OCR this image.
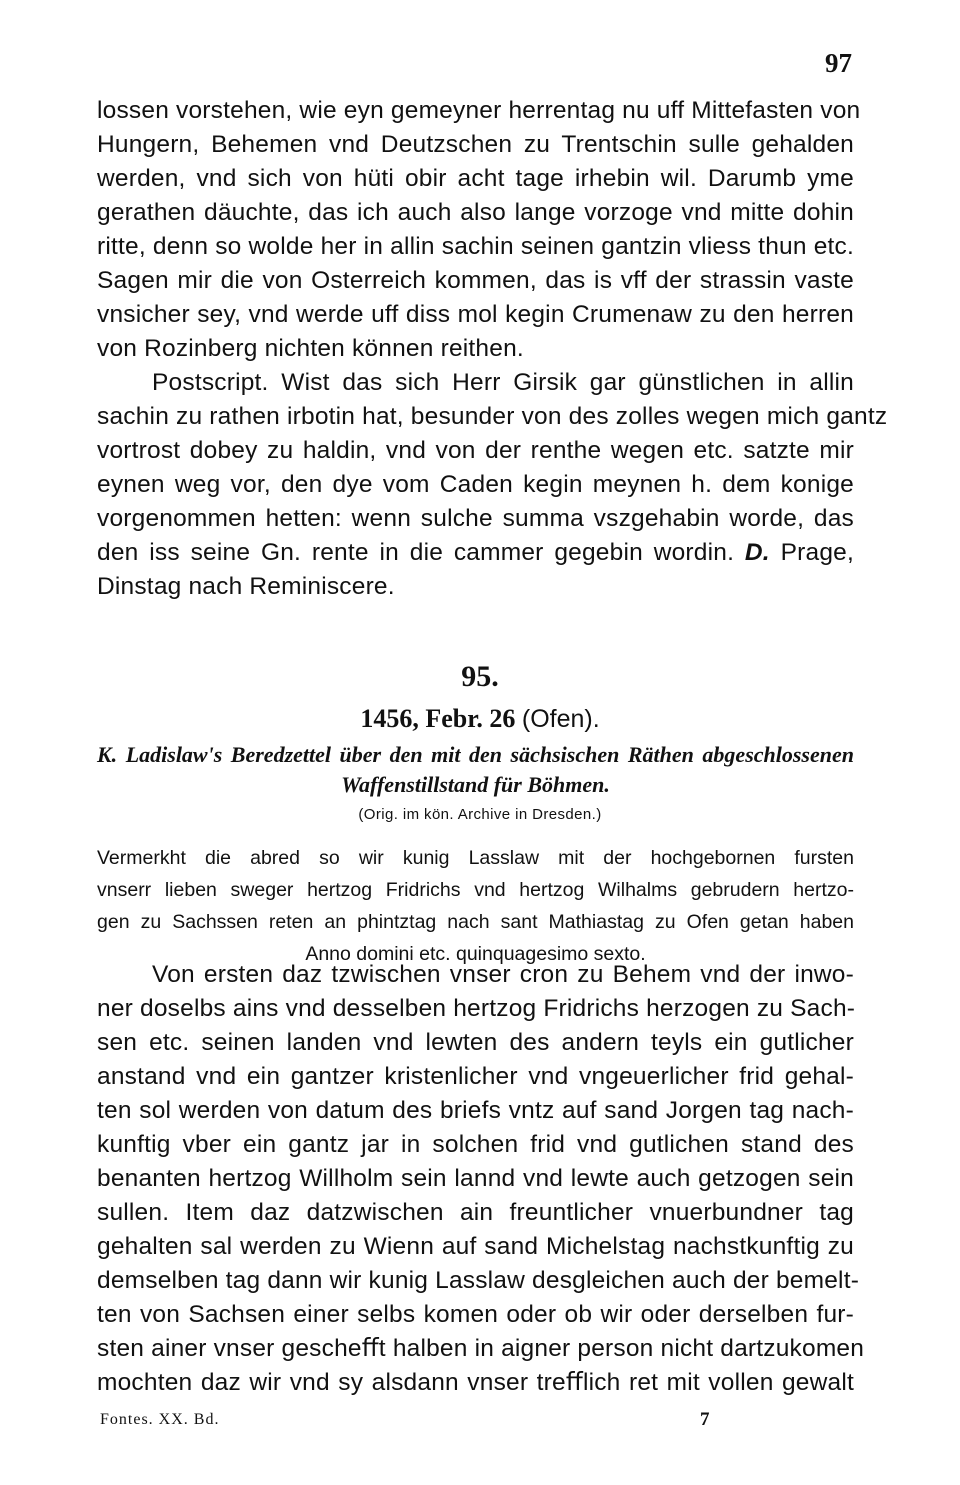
97
lossen vorstehen, wie eyn gemeyner herrentag nu uff Mittefasten von
Hungern, Behemen vnd Deutzschen zu Trentschin sulle gehalden
werden, vnd sich von hüti obir acht tage irhebin wil. Darumb yme
gerathen däuchte, das ich auch also lange vorzoge vnd mitte dohin
ritte, denn so wolde her in allin sachin seinen gantzin vliess thun etc.
Sagen mir die von Osterreich kommen, das is vff der strassin vaste
vnsicher sey, vnd werde uff diss mol kegin Crumenaw zu den herren
von Rozinberg nichten können reithen.
Postscript. Wist das sich Herr Girsik gar günstlichen in allin
sachin zu rathen irbotin hat, besunder von des zolles wegen mich gantz
vortrost dobey zu haldin, vnd von der renthe wegen etc. satzte mir
eynen weg vor, den dye vom Caden kegin meynen h. dem konige
vorgenommen hetten: wenn sulche summa vszgehabin worde, das
den iss seine Gn. rente in die cammer gegebin wordin. D. Prage,
Dinstag nach Reminiscere.
95.
1456, Febr. 26 (Ofen).
K. Ladislaw's Beredzettel über den mit den sächsischen Räthen abgeschlossenen
Waffenstillstand für Böhmen.
(Orig. im kön. Archive in Dresden.)
Vermerkht die abred so wir kunig Lasslaw mit der hochgebornen fursten
vnserr lieben sweger hertzog Fridrichs vnd hertzog Wilhalms gebrudern hertzo-
gen zu Sachssen reten an phintztag nach sant Mathiastag zu Ofen getan haben
Anno domini etc. quinquagesimo sexto.
Von ersten daz tzwischen vnser cron zu Behem vnd der inwo-
ner doselbs ains vnd desselben hertzog Fridrichs herzogen zu Sach-
sen etc. seinen landen vnd lewten des andern teyls ein gutlicher
anstand vnd ein gantzer kristenlicher vnd vngeuerlicher frid gehal-
ten sol werden von datum des briefs vntz auf sand Jorgen tag nach-
kunftig vber ein gantz jar in solchen frid vnd gutlichen stand des
benanten hertzog Willholm sein lannd vnd lewte auch getzogen sein
sullen. Item daz datzwischen ain freuntlicher vnuerbundner tag
gehalten sal werden zu Wienn auf sand Michelstag nachstkunftig zu
demselben tag dann wir kunig Lasslaw desgleichen auch der bemelt-
ten von Sachsen einer selbs komen oder ob wir oder derselben fur-
sten ainer vnser gescheﬀt halben in aigner person nicht dartzukomen
mochten daz wir vnd sy alsdann vnser treﬀlich ret mit vollen gewalt
Fontes. XX. Bd.	7
